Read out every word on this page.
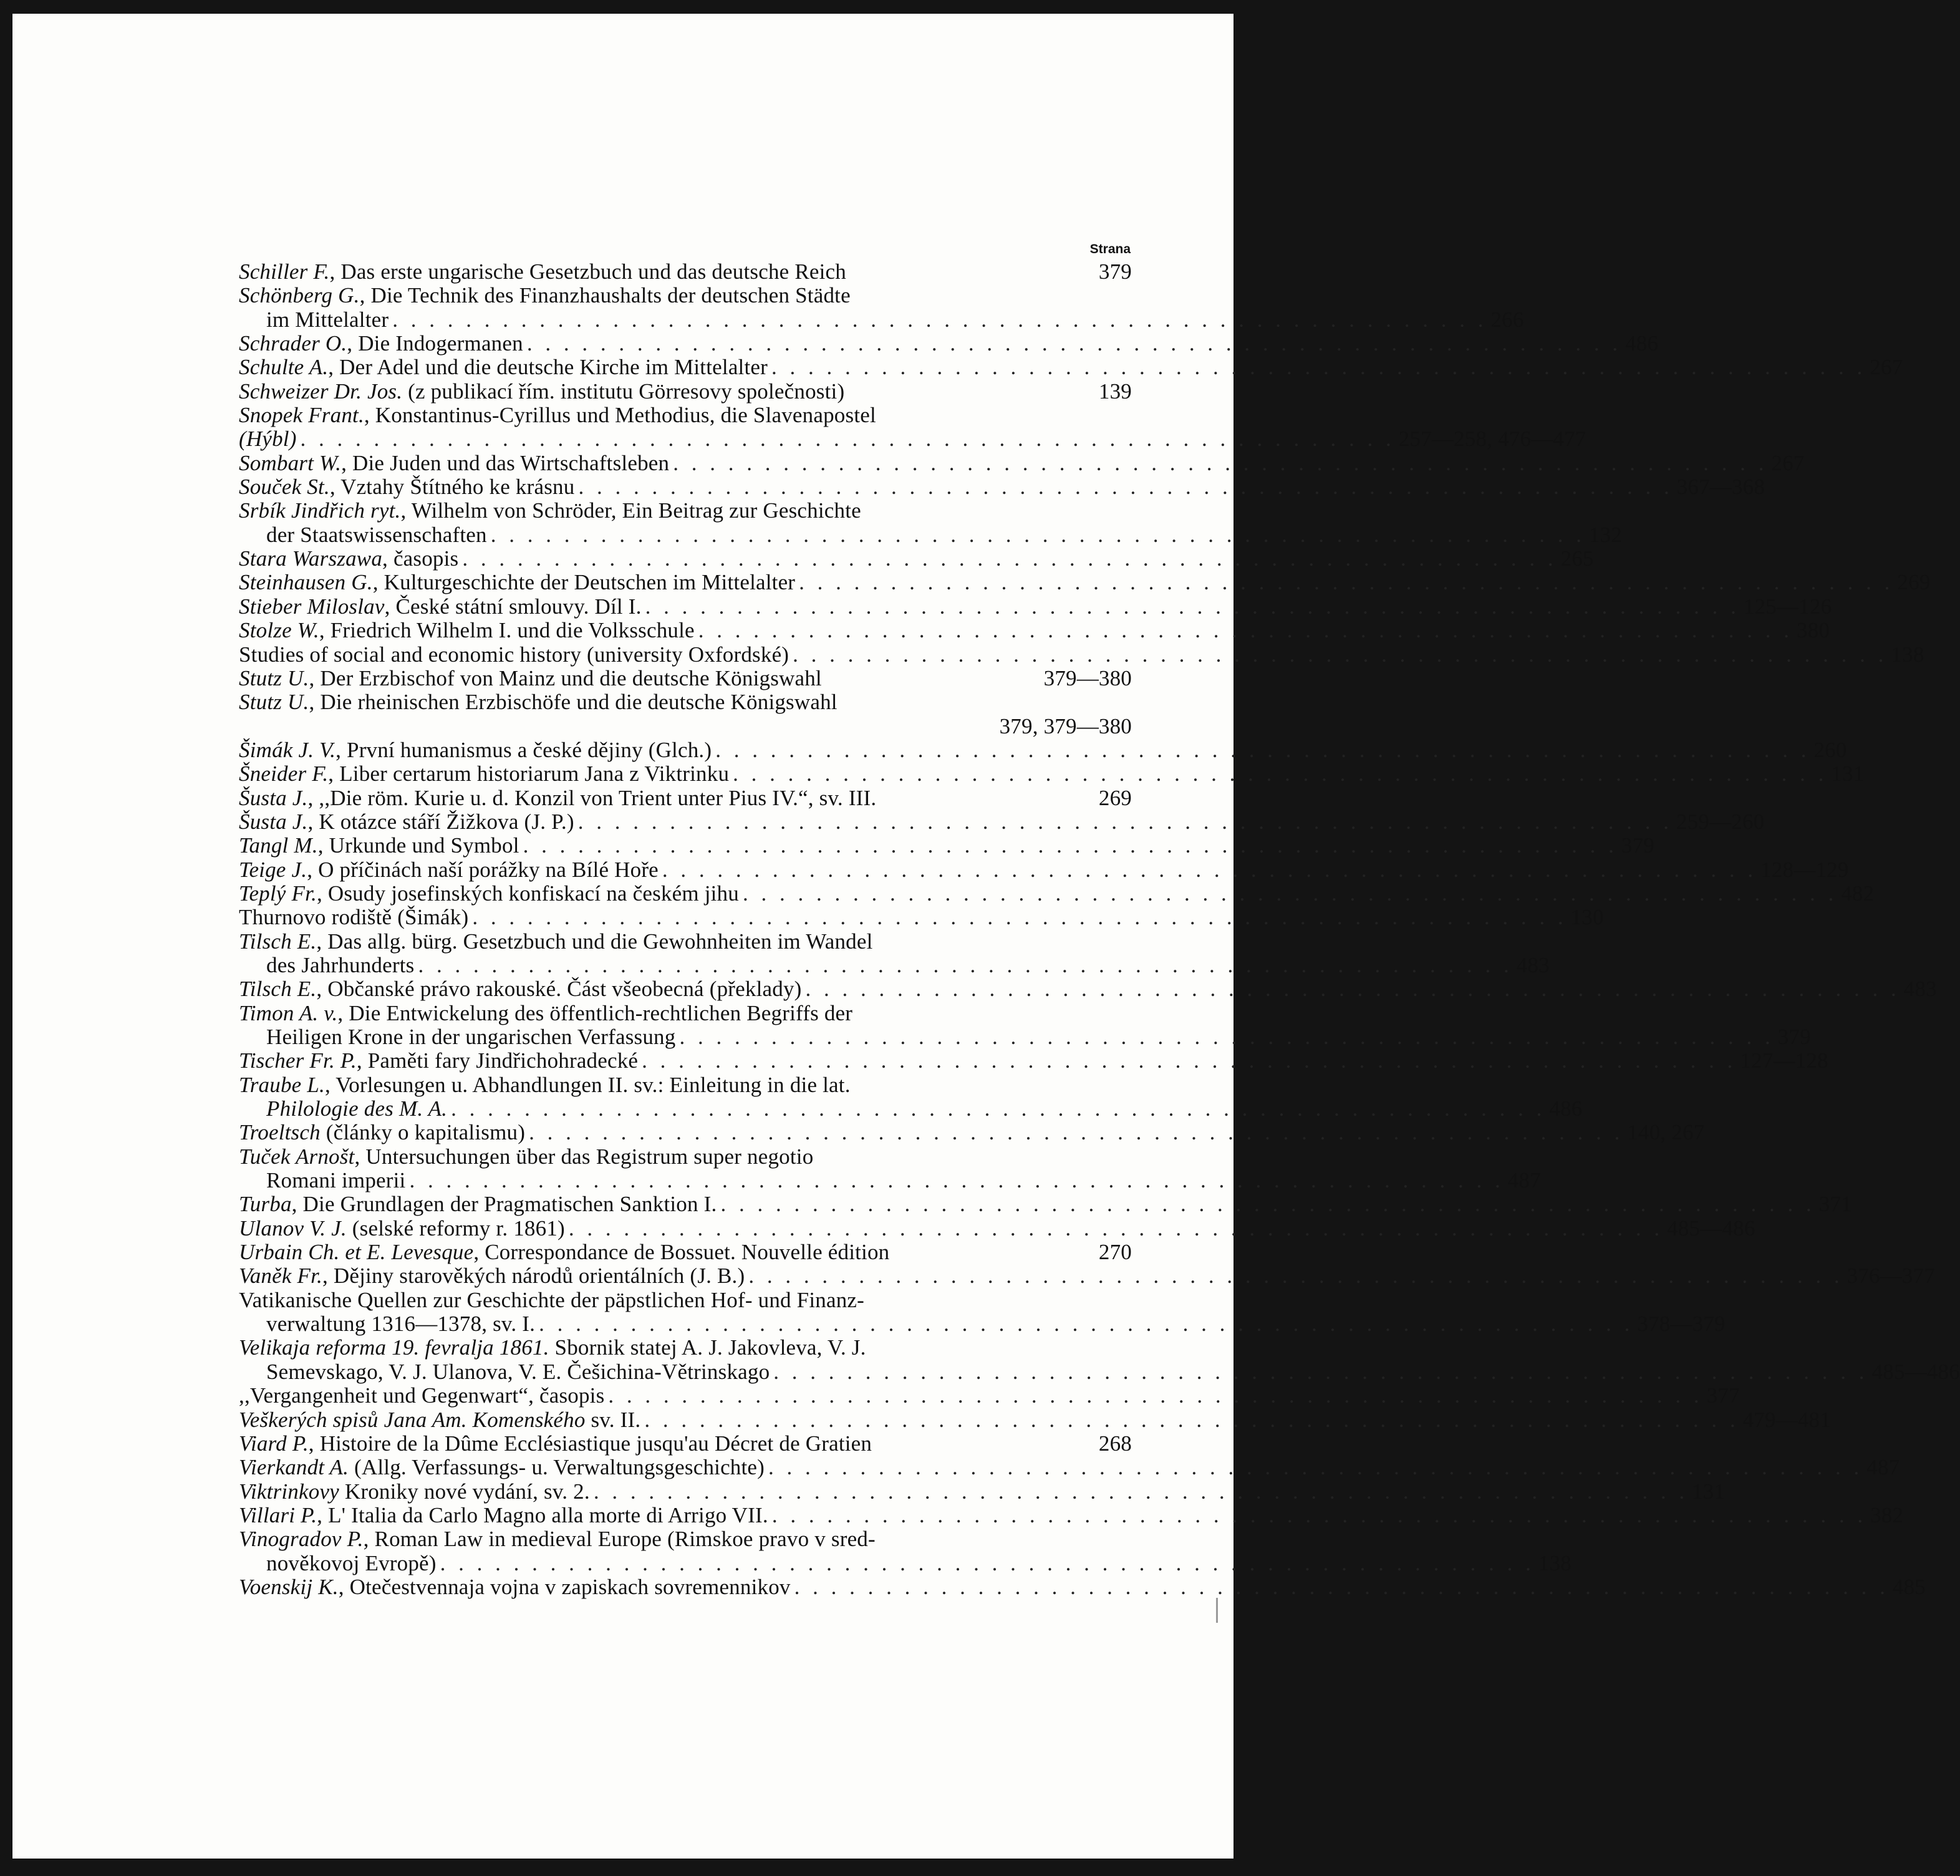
Strana
Schiller F., Das erste ungarische Gesetzbuch und das deutsche Reich	379
Schönberg G., Die Technik des Finanzhaushalts der deutschen Städte
im Mittelalter . . . . . . . . . . . . . . . . . . . . . . . . . . . . . . . . . . . . . . . . . . . . . . . . . . . . . . . . . . . . 266
Schrader O., Die Indogermanen . . . . . . . . . . . . . . . . . . . . . . . . . . . . . . . . . . . . . . . . . . . . . . . . . . . . . . . . . . . . 486
Schulte A., Der Adel und die deutsche Kirche im Mittelalter . . . . . . . . . . . . . . . . . . . . . . . . . . . . . . . . . . . . . . . . . . . . . . . . . . . . . . . . . . . . 267
Schweizer Dr. Jos. (z publikací řím. institutu Görresovy společnosti)	139
Snopek Frant., Konstantinus-Cyrillus und Methodius, die Slavenapostel
(Hýbl) . . . . . . . . . . . . . . . . . . . . . . . . . . . . . . . . . . . . . . . . . . . . . . . . . . . . . . . . . . . . 257—258, 476—477
Sombart W., Die Juden und das Wirtschaftsleben . . . . . . . . . . . . . . . . . . . . . . . . . . . . . . . . . . . . . . . . . . . . . . . . . . . . . . . . . . . . 267
Souček St., Vztahy Štítného ke krásnu . . . . . . . . . . . . . . . . . . . . . . . . . . . . . . . . . . . . . . . . . . . . . . . . . . . . . . . . . . . . 367—368
Srbík Jindřich ryt., Wilhelm von Schröder, Ein Beitrag zur Geschichte
der Staatswissenschaften . . . . . . . . . . . . . . . . . . . . . . . . . . . . . . . . . . . . . . . . . . . . . . . . . . . . . . . . . . . . 132
Stara Warszawa, časopis . . . . . . . . . . . . . . . . . . . . . . . . . . . . . . . . . . . . . . . . . . . . . . . . . . . . . . . . . . . . 265
Steinhausen G., Kulturgeschichte der Deutschen im Mittelalter . . . . . . . . . . . . . . . . . . . . . . . . . . . . . . . . . . . . . . . . . . . . . . . . . . . . . . . . . . . . 269
Stieber Miloslav, České státní smlouvy. Díl I. . . . . . . . . . . . . . . . . . . . . . . . . . . . . . . . . . . . . . . . . . . . . . . . . . . . . . . . . . . . . 125—126
Stolze W., Friedrich Wilhelm I. und die Volksschule . . . . . . . . . . . . . . . . . . . . . . . . . . . . . . . . . . . . . . . . . . . . . . . . . . . . . . . . . . . . 380
Studies of social and economic history (university Oxfordské) . . . . . . . . . . . . . . . . . . . . . . . . . . . . . . . . . . . . . . . . . . . . . . . . . . . . . . . . . . . . 138
Stutz U., Der Erzbischof von Mainz und die deutsche Königswahl	379—380
Stutz U., Die rheinischen Erzbischöfe und die deutsche Königswahl
379, 379—380
Šimák J. V., První humanismus a české dějiny (Glch.) . . . . . . . . . . . . . . . . . . . . . . . . . . . . . . . . . . . . . . . . . . . . . . . . . . . . . . . . . . . . 260
Šneider F., Liber certarum historiarum Jana z Viktrinku . . . . . . . . . . . . . . . . . . . . . . . . . . . . . . . . . . . . . . . . . . . . . . . . . . . . . . . . . . . . 131
Šusta J., ,,Die röm. Kurie u. d. Konzil von Trient unter Pius IV.“, sv. III.	269
Šusta J., K otázce stáří Žižkova (J. P.) . . . . . . . . . . . . . . . . . . . . . . . . . . . . . . . . . . . . . . . . . . . . . . . . . . . . . . . . . . . . 259—260
Tangl M., Urkunde und Symbol . . . . . . . . . . . . . . . . . . . . . . . . . . . . . . . . . . . . . . . . . . . . . . . . . . . . . . . . . . . . 379
Teige J., O příčinách naší porážky na Bílé Hoře . . . . . . . . . . . . . . . . . . . . . . . . . . . . . . . . . . . . . . . . . . . . . . . . . . . . . . . . . . . . 128—129
Teplý Fr., Osudy josefinských konfiskací na českém jihu . . . . . . . . . . . . . . . . . . . . . . . . . . . . . . . . . . . . . . . . . . . . . . . . . . . . . . . . . . . . 482
Thurnovo rodiště (Šimák) . . . . . . . . . . . . . . . . . . . . . . . . . . . . . . . . . . . . . . . . . . . . . . . . . . . . . . . . . . . . 130
Tilsch E., Das allg. bürg. Gesetzbuch und die Gewohnheiten im Wandel
des Jahrhunderts . . . . . . . . . . . . . . . . . . . . . . . . . . . . . . . . . . . . . . . . . . . . . . . . . . . . . . . . . . . . 483
Tilsch E., Občanské právo rakouské. Část všeobecná (překlady) . . . . . . . . . . . . . . . . . . . . . . . . . . . . . . . . . . . . . . . . . . . . . . . . . . . . . . . . . . . . 483
Timon A. v., Die Entwickelung des öffentlich-rechtlichen Begriffs der
Heiligen Krone in der ungarischen Verfassung . . . . . . . . . . . . . . . . . . . . . . . . . . . . . . . . . . . . . . . . . . . . . . . . . . . . . . . . . . . . 379
Tischer Fr. P., Paměti fary Jindřichohradecké . . . . . . . . . . . . . . . . . . . . . . . . . . . . . . . . . . . . . . . . . . . . . . . . . . . . . . . . . . . . 127—128
Traube L., Vorlesungen u. Abhandlungen II. sv.: Einleitung in die lat.
Philologie des M. A. . . . . . . . . . . . . . . . . . . . . . . . . . . . . . . . . . . . . . . . . . . . . . . . . . . . . . . . . . . . . 486
Troeltsch (články o kapitalismu) . . . . . . . . . . . . . . . . . . . . . . . . . . . . . . . . . . . . . . . . . . . . . . . . . . . . . . . . . . . . 140, 267
Tuček Arnošt, Untersuchungen über das Registrum super negotio
Romani imperii . . . . . . . . . . . . . . . . . . . . . . . . . . . . . . . . . . . . . . . . . . . . . . . . . . . . . . . . . . . . 487
Turba, Die Grundlagen der Pragmatischen Sanktion I. . . . . . . . . . . . . . . . . . . . . . . . . . . . . . . . . . . . . . . . . . . . . . . . . . . . . . . . . . . . . 371
Ulanov V. J. (selské reformy r. 1861) . . . . . . . . . . . . . . . . . . . . . . . . . . . . . . . . . . . . . . . . . . . . . . . . . . . . . . . . . . . . 485—486
Urbain Ch. et E. Levesque, Correspondance de Bossuet. Nouvelle édition	270
Vaněk Fr., Dějiny starověkých národů orientálních (J. B.) . . . . . . . . . . . . . . . . . . . . . . . . . . . . . . . . . . . . . . . . . . . . . . . . . . . . . . . . . . . . 376—377
Vatikanische Quellen zur Geschichte der päpstlichen Hof- und Finanz-
verwaltung 1316—1378, sv. I. . . . . . . . . . . . . . . . . . . . . . . . . . . . . . . . . . . . . . . . . . . . . . . . . . . . . . . . . . . . . 378—379
Velikaja reforma 19. fevralja 1861. Sbornik statej A. J. Jakovleva, V. J.
Semevskago, V. J. Ulanova, V. E. Češichina-Větrinskago . . . . . . . . . . . . . . . . . . . . . . . . . . . . . . . . . . . . . . . . . . . . . . . . . . . . . . . . . . . . 485—486
,,Vergangenheit und Gegenwart“, časopis . . . . . . . . . . . . . . . . . . . . . . . . . . . . . . . . . . . . . . . . . . . . . . . . . . . . . . . . . . . . 377
Veškerých spisů Jana Am. Komenského sv. II. . . . . . . . . . . . . . . . . . . . . . . . . . . . . . . . . . . . . . . . . . . . . . . . . . . . . . . . . . . . . 479—481
Viard P., Histoire de la Dûme Ecclésiastique jusqu'au Décret de Gratien	268
Vierkandt A. (Allg. Verfassungs- u. Verwaltungsgeschichte) . . . . . . . . . . . . . . . . . . . . . . . . . . . . . . . . . . . . . . . . . . . . . . . . . . . . . . . . . . . . 487
Viktrinkovy Kroniky nové vydání, sv. 2. . . . . . . . . . . . . . . . . . . . . . . . . . . . . . . . . . . . . . . . . . . . . . . . . . . . . . . . . . . . . 131
Villari P., L' Italia da Carlo Magno alla morte di Arrigo VII. . . . . . . . . . . . . . . . . . . . . . . . . . . . . . . . . . . . . . . . . . . . . . . . . . . . . . . . . . . . . 382
Vinogradov P., Roman Law in medieval Europe (Rimskoe pravo v sred-
nověkovoj Evropě) . . . . . . . . . . . . . . . . . . . . . . . . . . . . . . . . . . . . . . . . . . . . . . . . . . . . . . . . . . . . 138
Voenskij K., Otečestvennaja vojna v zapiskach sovremennikov . . . . . . . . . . . . . . . . . . . . . . . . . . . . . . . . . . . . . . . . . . . . . . . . . . . . . . . . . . . . 485
